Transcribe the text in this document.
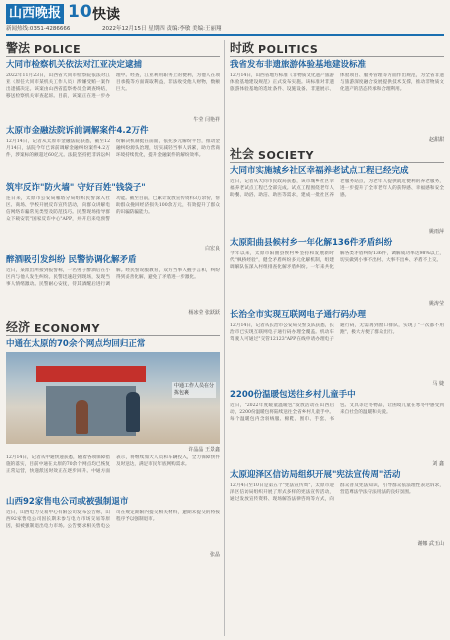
山西晚报 10 快读
新闻热线:0351-4286666	2022年12月15日 星期四 责编:李敏 美编:王丽翔
警法 POLICE
大同市检察机关依法对江亚决定逮捕
2022年11月23日，山西省大同市检察院依法对江亚（原任大同市某机关工作人员）涉嫌受贿一案作出逮捕决定。该案由山西省监察委员会调查终结，移送检察机关审查起诉。目前，该案正在进一步办理中。经查，江亚利用职务上的便利，为他人在项目承揽等方面谋取利益，非法收受他人财物，数额巨大。
牛莹 闫艳祥
太原市金融法院诉前调解案件4.2万件
12月14日，记者从太原市金融法院获悉，截至12月14日，法院今年已诉前调解金融纠纷案件4.2万件，涉案标的额超过60亿元。法院坚持把非诉讼纠纷解决机制挺在前面，依托多元解纷平台，推动金融纠纷源头治理，切实减轻当事人诉累，助力营商环境持续优化，提升金融案件的解纷效率。
筑牢反诈"防火墙" 守好百姓"钱袋子"
连日来，太原市公安局雁塔分局组织民警深入社区、商场、学校开展反诈宣传活动，向群众讲解电信网络诈骗常见类型及防范技巧。民警现场指导群众下载安装"国家反诈中心"APP，并开启来电预警功能。截至目前，已累计发放宣传资料3万余份，帮助群众挽回经济损失100余万元，有效提升了群众的识骗防骗能力。
白宏良
醉酒吸引发纠纷 民警协调化解矛盾
近日，某派出所接到报警称，一名男子醉酒后在小区内与他人发生纠纷。民警迅速赶到现场，发现当事人情绪激动。民警耐心安抚，待其酒醒后进行调解。经民警说服教育，双方当事人握手言和，纠纷得到妥善化解，避免了矛盾进一步激化。
杨冰莹 张跃跃
经济 ECONOMY
中通在太原的70余个网点均回归正常
中通工作人员在分拣包裹
许晶晶 王景鑫
12月14日，记者从中通快递获悉，随着各项保障措施的落实，目前中通在太原的70余个网点均已恢复正常运营，快递派送时效正在逐步回升。中通方面表示，将继续加大人员和车辆投入，全力保障快件及时送达，满足市民年底网购需求。
山西92家售电公司或被强制退市
近日，山西电力交易中心有限公司发布公告称，山西92家售电公司因长期未参与电力市场交易等原因，拟被强制退出电力市场。公告要求相关售电公司在规定期限内提交相关材料，逾期未提交的将按程序予以强制退市。
张晶
时政 POLITICS
我省发布非遗旅游体验基地建设标准
12月14日，山西省地方标准《非物质文化遗产旅游体验基地建设规范》正式发布实施。该标准对非遗旅游体验基地的选址条件、设施设备、非遗展示、体验项目、服务管理等方面作出规范，为全省非遗与旅游深度融合发展提供技术支撑，推动非物质文化遗产的活态传承和合理利用。
赵甜甜
社会 SOCIETY
大同市实施城乡社区幸福养老试点工程已经完成
近日，记者从大同市民政局获悉，该市城乡社区幸福养老试点工程已全部完成。试点工程围绕老年人助餐、助浴、助洁、助医等需求，建成一批社区养老服务站点，为老年人提供就近便利的养老服务，进一步提升了全市老年人的获得感、幸福感和安全感。
姚雨萍
太原阳曲县候村乡一年化解136件矛盾纠纷
今年以来，太原市阳曲县侯村乡坚持和发展新时代"枫桥经验"，健全矛盾纠纷多元化解机制，组建调解队伍深入村组排查化解矛盾纠纷。一年来共化解各类矛盾纠纷136件，调解成功率达98%以上，切实做到小事不出村、大事不出乡、矛盾不上交。
姚涛莹
长治全市实现互联网电子通行码办理
12月14日，记者从长治市公安局交警支队获悉，长治市已实现互联网电子通行码办理全覆盖。机动车驾驶人可通过"交管12123"APP在线申请办理电子通行码，无需再到窗口排队，实现了"一次都不用跑"，极大方便了群众出行。
马 婕
2200份温暖包送往乡村儿童手中
近日，"2022年度暖童温暖包"发放活动在山西启动，2200份温暖包将陆续送往全省乡村儿童手中。每个温暖包内含羽绒服、棉鞋、围巾、手套、书包、文具等过冬物品，让困境儿童在寒冬中感受到来自社会的温暖和关爱。
刘 鑫
太原迎泽区信访局组织开展"宪法宣传周"活动
12月4日至10日是第五个"宪法宣传周"，太原市迎泽区信访局组织开展了形式多样的宪法宣传活动，通过发放宣传资料、现场解答法律咨询等方式，向群众普及宪法知识，引导群众依法理性表达诉求，营造尊法学法守法用法的良好氛围。
谢娜 武玉山
